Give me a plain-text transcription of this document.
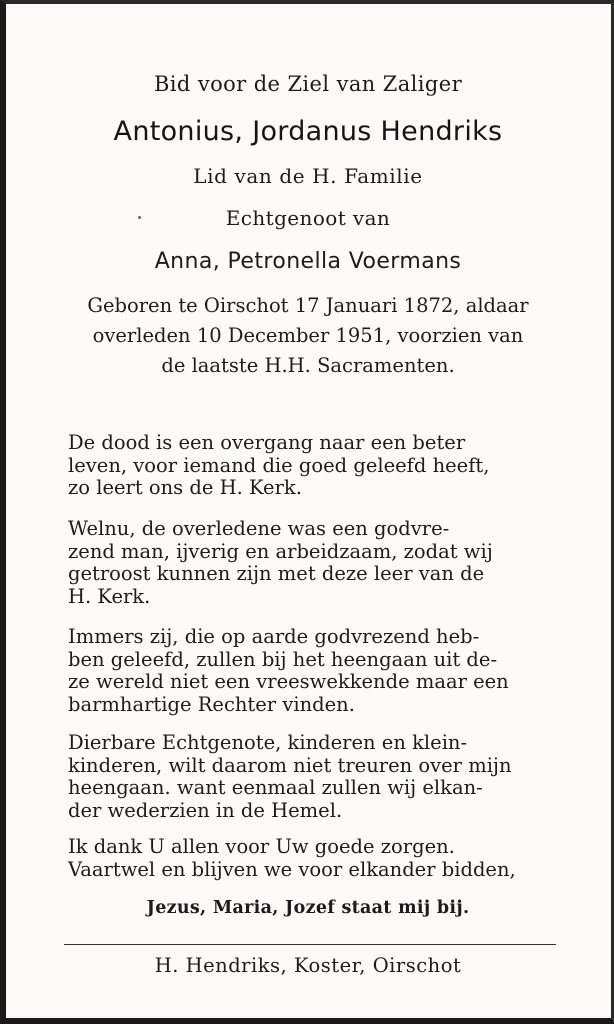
Bid voor de Ziel van Zaliger
Antonius, Jordanus Hendriks
Lid van de H. Familie
Echtgenoot van
Anna, Petronella Voermans
Geboren te Oirschot 17 Januari 1872, aldaar
overleden 10 December 1951, voorzien van
de laatste H.H. Sacramenten.
De dood is een overgang naar een beter
leven, voor iemand die goed geleefd heeft,
zo leert ons de H. Kerk.
Welnu, de overledene was een godvre-
zend man, ijverig en arbeidzaam, zodat wij
getroost kunnen zijn met deze leer van de
H. Kerk.
Immers zij, die op aarde godvrezend heb-
ben geleefd, zullen bij het heengaan uit de-
ze wereld niet een vreeswekkende maar een
barmhartige Rechter vinden.
Dierbare Echtgenote, kinderen en klein-
kinderen, wilt daarom niet treuren over mijn
heengaan. want eenmaal zullen wij elkan-
der wederzien in de Hemel.
Ik dank U allen voor Uw goede zorgen.
Vaartwel en blijven we voor elkander bidden,
Jezus, Maria, Jozef staat mij bij.
H. Hendriks, Koster, Oirschot
